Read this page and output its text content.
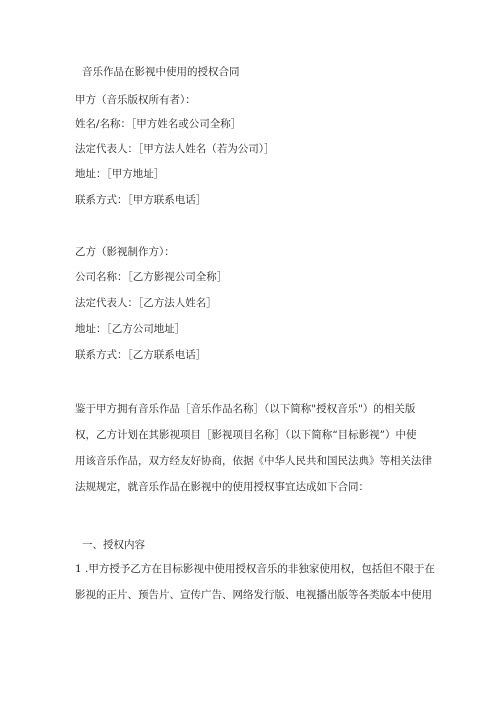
音乐作品在影视中使用的授权合同

甲方（音乐版权所有者）：

姓名/名称：［甲方姓名或公司全称］

法定代表人：［甲方法人姓名（若为公司）］

地址：［甲方地址］

联系方式：［甲方联系电话］

乙方（影视制作方）：

公司名称：［乙方影视公司全称］

法定代表人：［乙方法人姓名］

地址：［乙方公司地址］

联系方式：［乙方联系电话］

鉴于甲方拥有音乐作品［音乐作品名称］（以下简称"授权音乐"）的相关版

权，乙方计划在其影视项目［影视项目名称］（以下简称“目标影视”）中使

用该音乐作品，双方经友好协商，依据《中华人民共和国民法典》等相关法律

法规规定，就音乐作品在影视中的使用授权事宜达成如下合同：

一、授权内容

1 .甲方授予乙方在目标影视中使用授权音乐的非独家使用权，包括但不限于在

影视的正片、预告片、宣传广告、网络发行版、电视播出版等各类版本中使用
